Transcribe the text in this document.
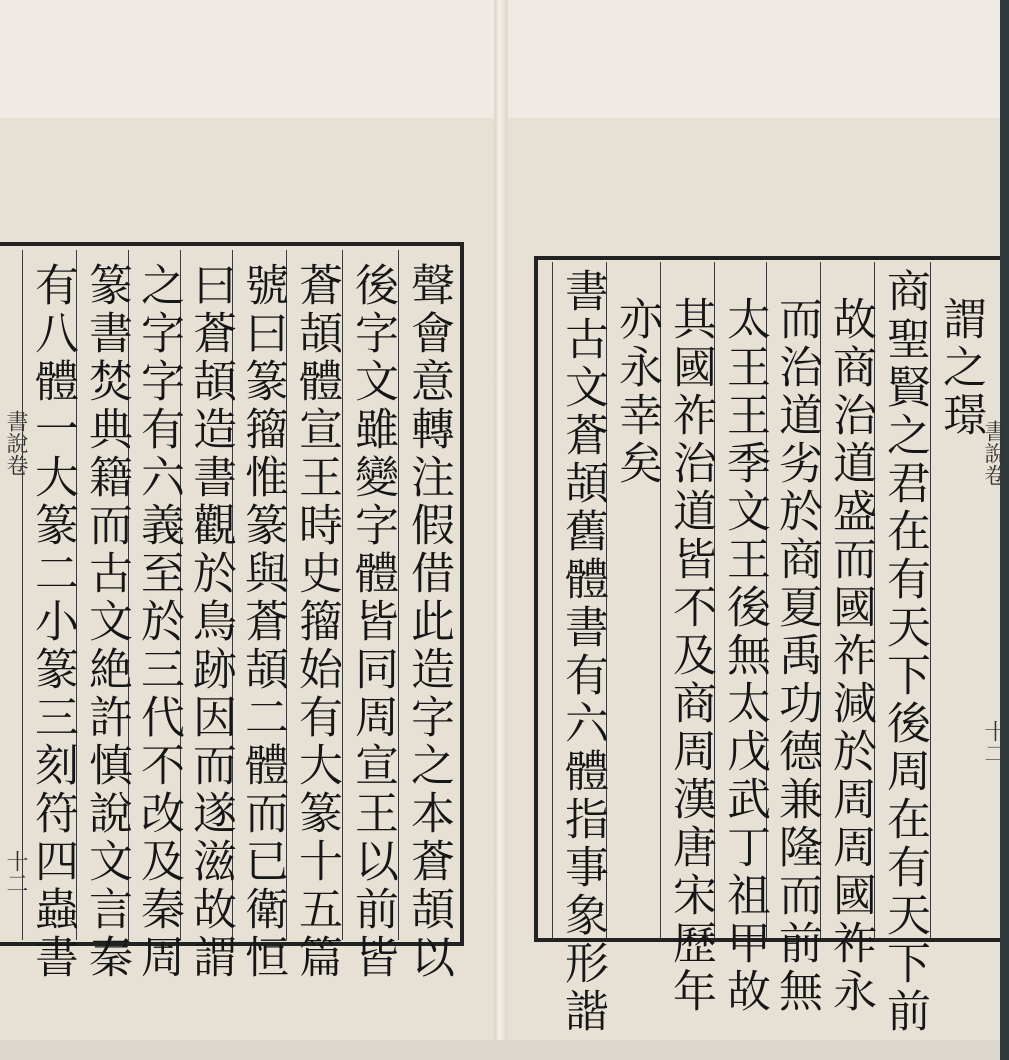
聲會意轉注假借此造字之本蒼頡以
後字文雖變字體皆同周宣王以前皆
蒼頡體宣王時史籀始有大篆十五篇
號曰篆籀惟篆與蒼頡二體而已衛恒
曰蒼頡造書觀於鳥跡因而遂滋故謂
之字字有六義至於三代不改及秦周
篆書焚典籍而古文絶許慎說文言秦
有八體一大篆二小篆三刻符四蟲書
書說卷
十二
謂之璟
商聖賢之君在有天下後周在有天下前
故商治道盛而國祚減於周周國祚永
而治道劣於商夏禹功德兼隆而前無
太王王季文王後無太戊武丁祖甲故
其國祚治道皆不及商周漢唐宋歷年
亦永幸矣
書古文蒼頡舊體書有六體指事象形諧	書說卷
十二
